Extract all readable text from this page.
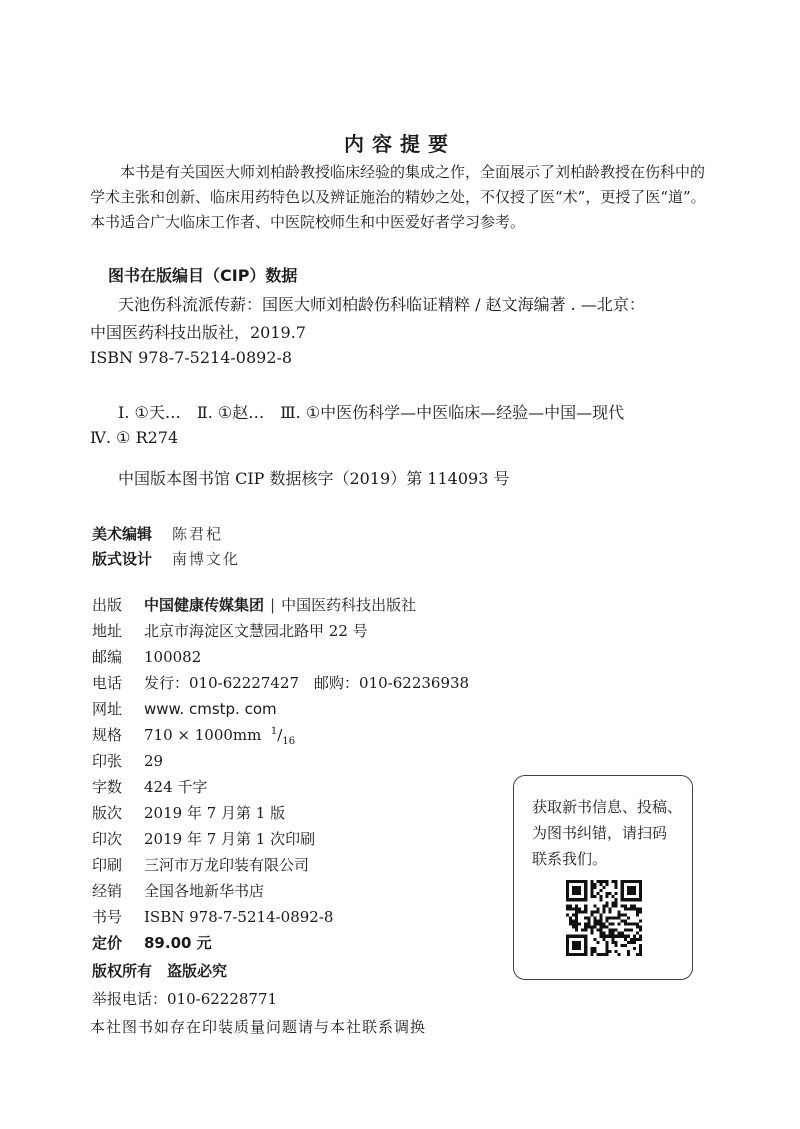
内容提要

本书是有关国医大师刘柏龄教授临床经验的集成之作，全面展示了刘柏龄教授在伤科中的学术主张和创新、临床用药特色以及辨证施治的精妙之处，不仅授了医“术”，更授了医“道”。

本书适合广大临床工作者、中医院校师生和中医爱好者学习参考。

图书在版编目（CIP）数据
天池伤科流派传薪：国医大师刘柏龄伤科临证精粹 / 赵文海编著 . —北京：
中国医药科技出版社，2019.7
ISBN 978-7-5214-0892-8
Ⅰ. ①天…　Ⅱ. ①赵…　Ⅲ. ①中医伤科学—中医临床—经验—中国—现代
Ⅳ. ① R274
中国版本图书馆 CIP 数据核字（2019）第 114093 号
美术编辑 陈君杞
版式设计 南博文化
出版 中国健康传媒集团 | 中国医药科技出版社
地址 北京市海淀区文慧园北路甲 22 号
邮编 100082
电话 发行：010-62227427　邮购：010-62236938
网址 www. cmstp. com
规格 710 × 1000mm $^1/_{16}$
印张 29
字数 424 千字
版次 2019 年 7 月第 1 版
印次 2019 年 7 月第 1 次印刷
印刷 三河市万龙印装有限公司
经销 全国各地新华书店
书号 ISBN 978-7-5214-0892-8
定价 89.00 元
版权所有　盗版必究
举报电话：010-62228771
本社图书如存在印装质量问题请与本社联系调换
获取新书信息、投稿、
为图书纠错，请扫码
联系我们。
